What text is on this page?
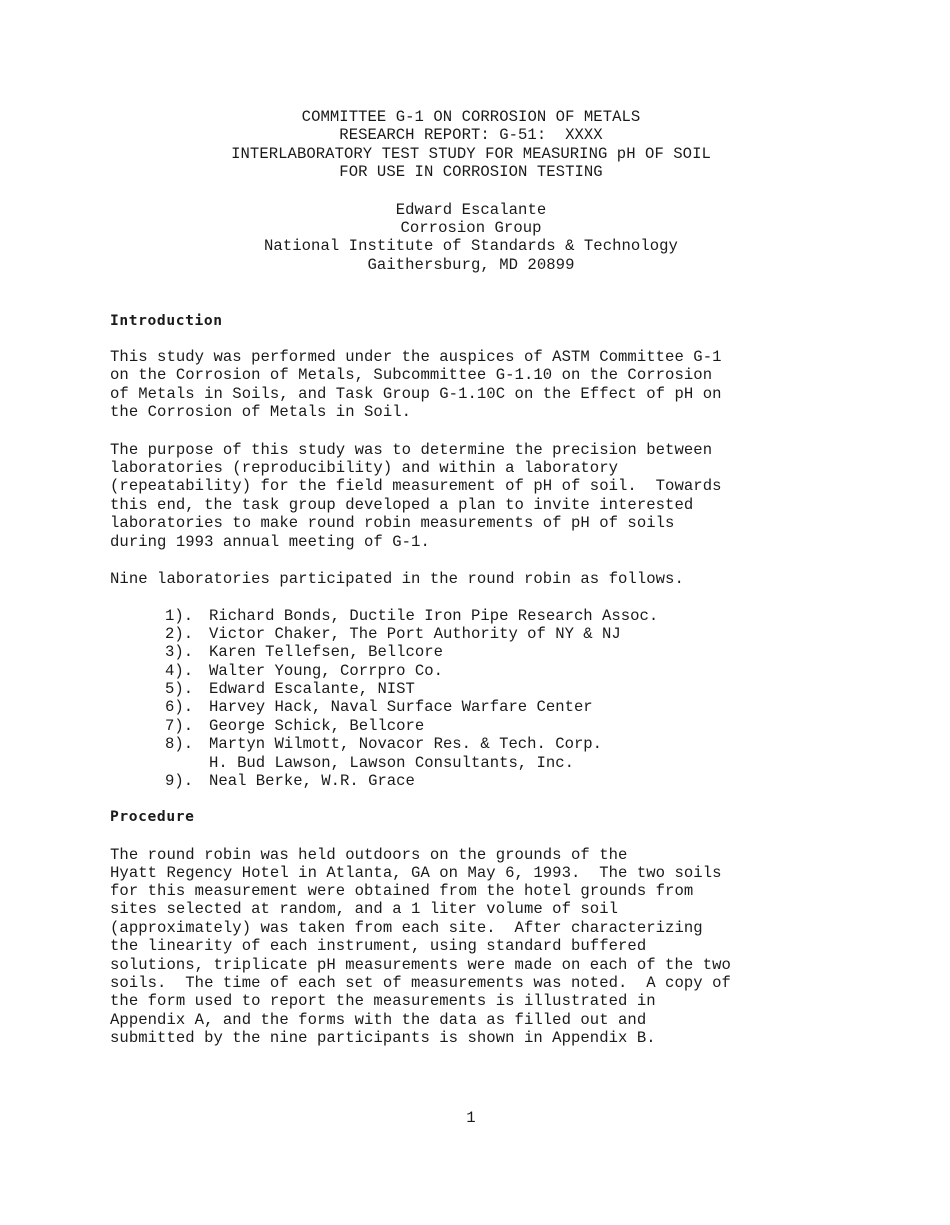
COMMITTEE G-1 ON CORROSION OF METALS
RESEARCH REPORT: G-51:  XXXX
INTERLABORATORY TEST STUDY FOR MEASURING pH OF SOIL
FOR USE IN CORROSION TESTING
Edward Escalante
Corrosion Group
National Institute of Standards & Technology
Gaithersburg, MD 20899
Introduction
This study was performed under the auspices of ASTM Committee G-1
on the Corrosion of Metals, Subcommittee G-1.10 on the Corrosion
of Metals in Soils, and Task Group G-1.10C on the Effect of pH on
the Corrosion of Metals in Soil.
The purpose of this study was to determine the precision between
laboratories (reproducibility) and within a laboratory
(repeatability) for the field measurement of pH of soil.  Towards
this end, the task group developed a plan to invite interested
laboratories to make round robin measurements of pH of soils
during 1993 annual meeting of G-1.
Nine laboratories participated in the round robin as follows.
1). Richard Bonds, Ductile Iron Pipe Research Assoc.
2). Victor Chaker, The Port Authority of NY & NJ
3). Karen Tellefsen, Bellcore
4). Walter Young, Corrpro Co.
5). Edward Escalante, NIST
6). Harvey Hack, Naval Surface Warfare Center
7). George Schick, Bellcore
8). Martyn Wilmott, Novacor Res. & Tech. Corp.
H. Bud Lawson, Lawson Consultants, Inc.
9). Neal Berke, W.R. Grace
Procedure
The round robin was held outdoors on the grounds of the
Hyatt Regency Hotel in Atlanta, GA on May 6, 1993.  The two soils
for this measurement were obtained from the hotel grounds from
sites selected at random, and a 1 liter volume of soil
(approximately) was taken from each site.  After characterizing
the linearity of each instrument, using standard buffered
solutions, triplicate pH measurements were made on each of the two
soils.  The time of each set of measurements was noted.  A copy of
the form used to report the measurements is illustrated in
Appendix A, and the forms with the data as filled out and
submitted by the nine participants is shown in Appendix B.
1
